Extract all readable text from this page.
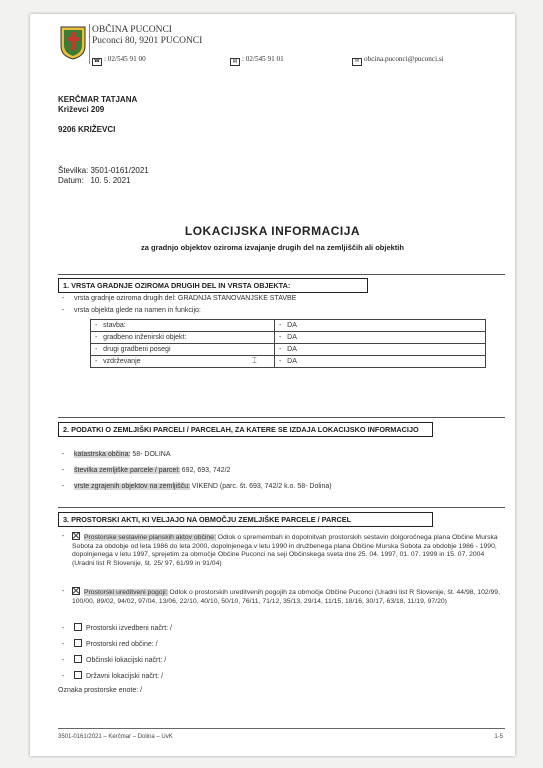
OBČINA PUCONCI
Puconci 80, 9201 PUCONCI
☎ : 02/545 91 00	▤ : 02/545 91 01	✉ obcina.puconci@puconci.si
KERČMAR TATJANA
Križevci 209
9206 KRIŽEVCI
Številka: 3501-0161/2021
Datum: 10. 5. 2021
LOKACIJSKA INFORMACIJA
za gradnjo objektov oziroma izvajanje drugih del na zemljiščih ali objektih
1. VRSTA GRADNJE OZIROMA DRUGIH DEL IN VRSTA OBJEKTA:
- vrsta gradnje oziroma drugih del: GRADNJA STANOVANJSKE STAVBE
- vrsta objekta glede na namen in funkcijo:
-   stavba:	-   DA
-   gradbeno inženirski objekt:	-   DA
-   drugi gradbeni posegi	-   DA
-   vzdrževanje	-   DA
⌶
2. PODATKI O ZEMLJIŠKI PARCELI / PARCELAH, ZA KATERE SE IZDAJA LOKACIJSKO INFORMACIJO
- katastrska občina: 58- DOLINA
- številka zemljiške parcele / parcel: 692, 693, 742/2
- vrste zgrajenih objektov na zemljišču: VIKEND (parc. št. 693, 742/2 k.o. 58- Dolina)
3. PROSTORSKI AKTI, KI VELJAJO NA OBMOČJU ZEMLJIŠKE PARCELE / PARCEL
-	Prostorske sestavine planskih aktov občine: Odlok o spremembah in dopolnitvah prostorskih sestavin dolgoročnega plana Občine Murska Sobota za obdobje od leta 1986 do leta 2000, dopolnjenega v letu 1990 in družbenega plana Občine Murska Sobota za obdobje 1986 - 1990, dopolnjenega v letu 1997, sprejetim za območje Občine Puconci na seji Občinskega sveta dne 25. 04. 1997, 01. 07. 1999 in 15. 07. 2004 (Uradni list R Slovenije, št. 25/ 97, 61/99 in 91/04)
-	Prostorski ureditveni pogoji: Odlok o prostorskih ureditvenih pogojih za območje Občine Puconci (Uradni list R Slovenije, št. 44/98, 102/99, 100/00, 89/02, 94/02, 97/04, 13/06, 22/10, 40/10, 50/10, 76/11, 71/12, 35/13, 29/14, 11/15, 18/16, 30/17, 63/18, 11/19, 97/20)
-	Prostorski izvedbeni načrt: /
-	Prostorski red občine: /
-	Občinski lokacijski načrt: /
-	Državni lokacijski načrt: /
Oznaka prostorske enote: /
3501-0161/2021 – Kerčmar – Dolina – UvK	1-5
